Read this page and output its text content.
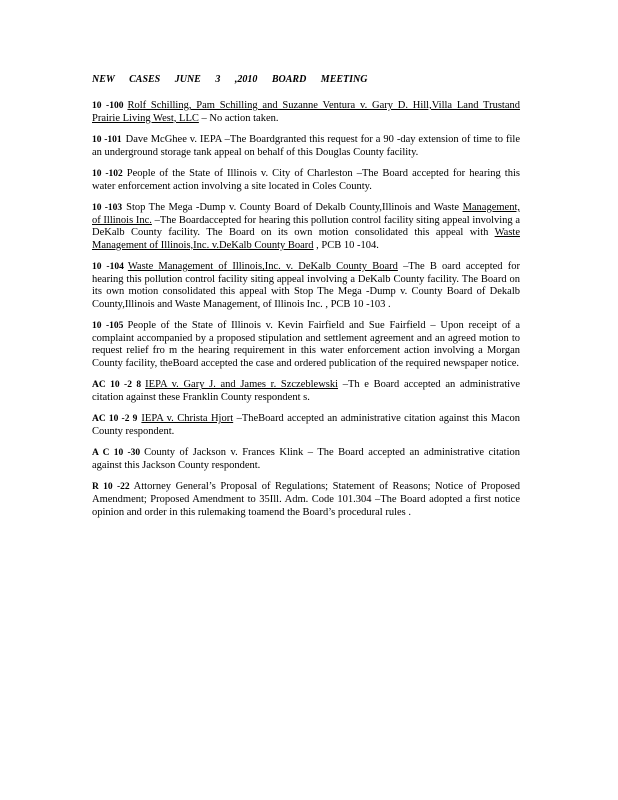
NEW CASES JUNE 3 ,2010 BOARD MEETING

10 -100 Rolf Schilling, Pam Schilling and Suzanne Ventura v. Gary D. Hill,Villa Land Trustand Prairie Living West, LLC – No action taken.

10 -101 Dave McGhee v. IEPA –The Boardgranted this request for a 90 -day extension of time to file an underground storage tank appeal on behalf of this Douglas County facility.

10 -102 People of the State of Illinois v. City of Charleston –The Board accepted for hearing this water enforcement action involving a site located in Coles County.

10 -103 Stop The Mega -Dump v. County Board of Dekalb County,Illinois and Waste Management, of Illinois Inc. –The Boardaccepted for hearing this pollution control facility siting appeal involving a DeKalb County facility. The Board on its own motion consolidated this appeal with Waste Management of Illinois,Inc. v.DeKalb County Board , PCB 10 -104.

10 -104 Waste Management of Illinois,Inc. v. DeKalb County Board –The B oard accepted for hearing this pollution control facility siting appeal involving a DeKalb County facility. The Board on its own motion consolidated this appeal with Stop The Mega -Dump v. County Board of Dekalb County,Illinois and Waste Management, of Illinois Inc. , PCB 10 -103 .

10 -105 People of the State of Illinois v. Kevin Fairfield and Sue Fairfield – Upon receipt of a complaint accompanied by a proposed stipulation and settlement agreement and an agreed motion to request relief fro m the hearing requirement in this water enforcement action involving a Morgan County facility, theBoard accepted the case and ordered publication of the required newspaper notice.

AC 10 -2 8 IEPA v. Gary J. and James r. Szczeblewski –Th e Board accepted an administrative citation against these Franklin County respondent s.

AC 10 -2 9 IEPA v. Christa Hjort –TheBoard accepted an administrative citation against this Macon County respondent.

A C 10 -30 County of Jackson v. Frances Klink – The Board accepted an administrative citation against this Jackson County respondent.

R 10 -22 Attorney General’s Proposal of Regulations; Statement of Reasons; Notice of Proposed Amendment; Proposed Amendment to 35Ill. Adm. Code 101.304 –The Board adopted a first notice opinion and order in this rulemaking toamend the Board’s procedural rules .
